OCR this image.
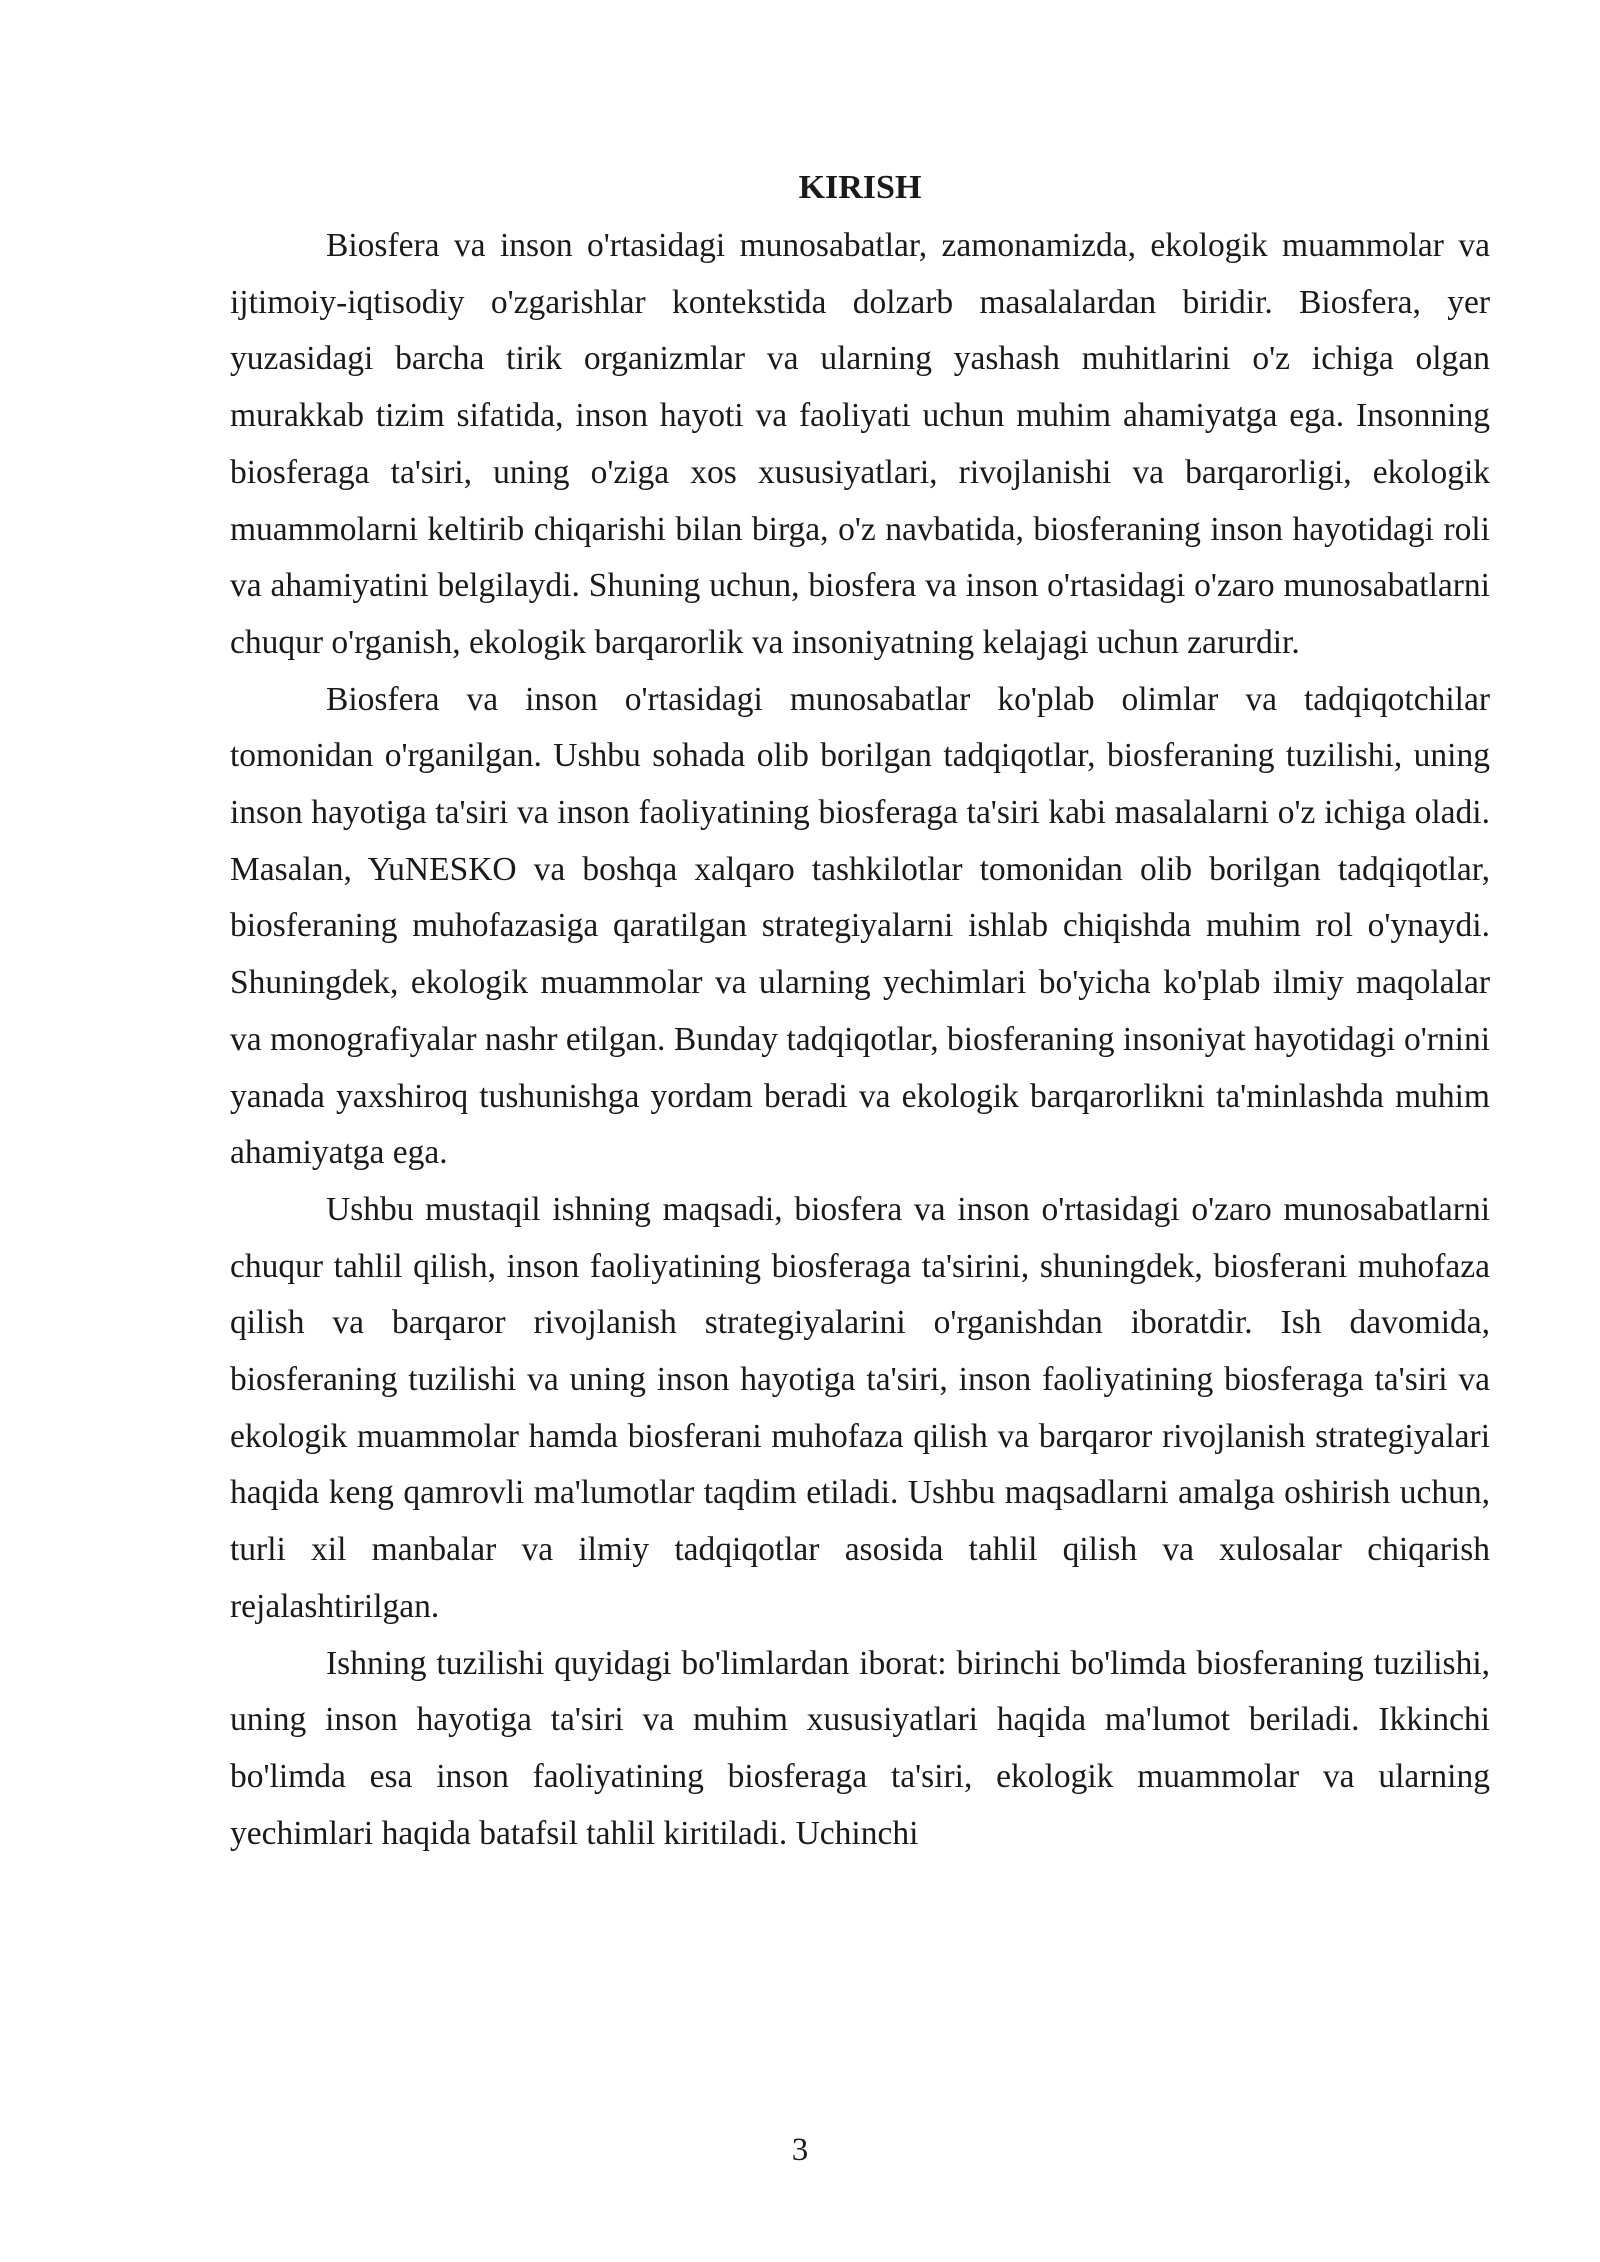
KIRISH

Biosfera va inson o'rtasidagi munosabatlar, zamonamizda, ekologik muammolar va ijtimoiy-iqtisodiy o'zgarishlar kontekstida dolzarb masalalardan biridir. Biosfera, yer yuzasidagi barcha tirik organizmlar va ularning yashash muhitlarini o'z ichiga olgan murakkab tizim sifatida, inson hayoti va faoliyati uchun muhim ahamiyatga ega. Insonning biosferaga ta'siri, uning o'ziga xos xususiyatlari, rivojlanishi va barqarorligi, ekologik muammolarni keltirib chiqarishi bilan birga, o'z navbatida, biosferaning inson hayotidagi roli va ahamiyatini belgilaydi. Shuning uchun, biosfera va inson o'rtasidagi o'zaro munosabatlarni chuqur o'rganish, ekologik barqarorlik va insoniyatning kelajagi uchun zarurdir.

Biosfera va inson o'rtasidagi munosabatlar ko'plab olimlar va tadqiqotchilar tomonidan o'rganilgan. Ushbu sohada olib borilgan tadqiqotlar, biosferaning tuzilishi, uning inson hayotiga ta'siri va inson faoliyatining biosferaga ta'siri kabi masalalarni o'z ichiga oladi. Masalan, YuNESKO va boshqa xalqaro tashkilotlar tomonidan olib borilgan tadqiqotlar, biosferaning muhofazasiga qaratilgan strategiyalarni ishlab chiqishda muhim rol o'ynaydi. Shuningdek, ekologik muammolar va ularning yechimlari bo'yicha ko'plab ilmiy maqolalar va monografiyalar nashr etilgan. Bunday tadqiqotlar, biosferaning insoniyat hayotidagi o'rnini yanada yaxshiroq tushunishga yordam beradi va ekologik barqarorlikni ta'minlashda muhim ahamiyatga ega.

Ushbu mustaqil ishning maqsadi, biosfera va inson o'rtasidagi o'zaro munosabatlarni chuqur tahlil qilish, inson faoliyatining biosferaga ta'sirini, shuningdek, biosferani muhofaza qilish va barqaror rivojlanish strategiyalarini o'rganishdan iboratdir. Ish davomida, biosferaning tuzilishi va uning inson hayotiga ta'siri, inson faoliyatining biosferaga ta'siri va ekologik muammolar hamda biosferani muhofaza qilish va barqaror rivojlanish strategiyalari haqida keng qamrovli ma'lumotlar taqdim etiladi. Ushbu maqsadlarni amalga oshirish uchun, turli xil manbalar va ilmiy tadqiqotlar asosida tahlil qilish va xulosalar chiqarish rejalashtirilgan.

Ishning tuzilishi quyidagi bo'limlardan iborat: birinchi bo'limda biosferaning tuzilishi, uning inson hayotiga ta'siri va muhim xususiyatlari haqida ma'lumot beriladi. Ikkinchi bo'limda esa inson faoliyatining biosferaga ta'siri, ekologik muammolar va ularning yechimlari haqida batafsil tahlil kiritiladi. Uchinchi

3
